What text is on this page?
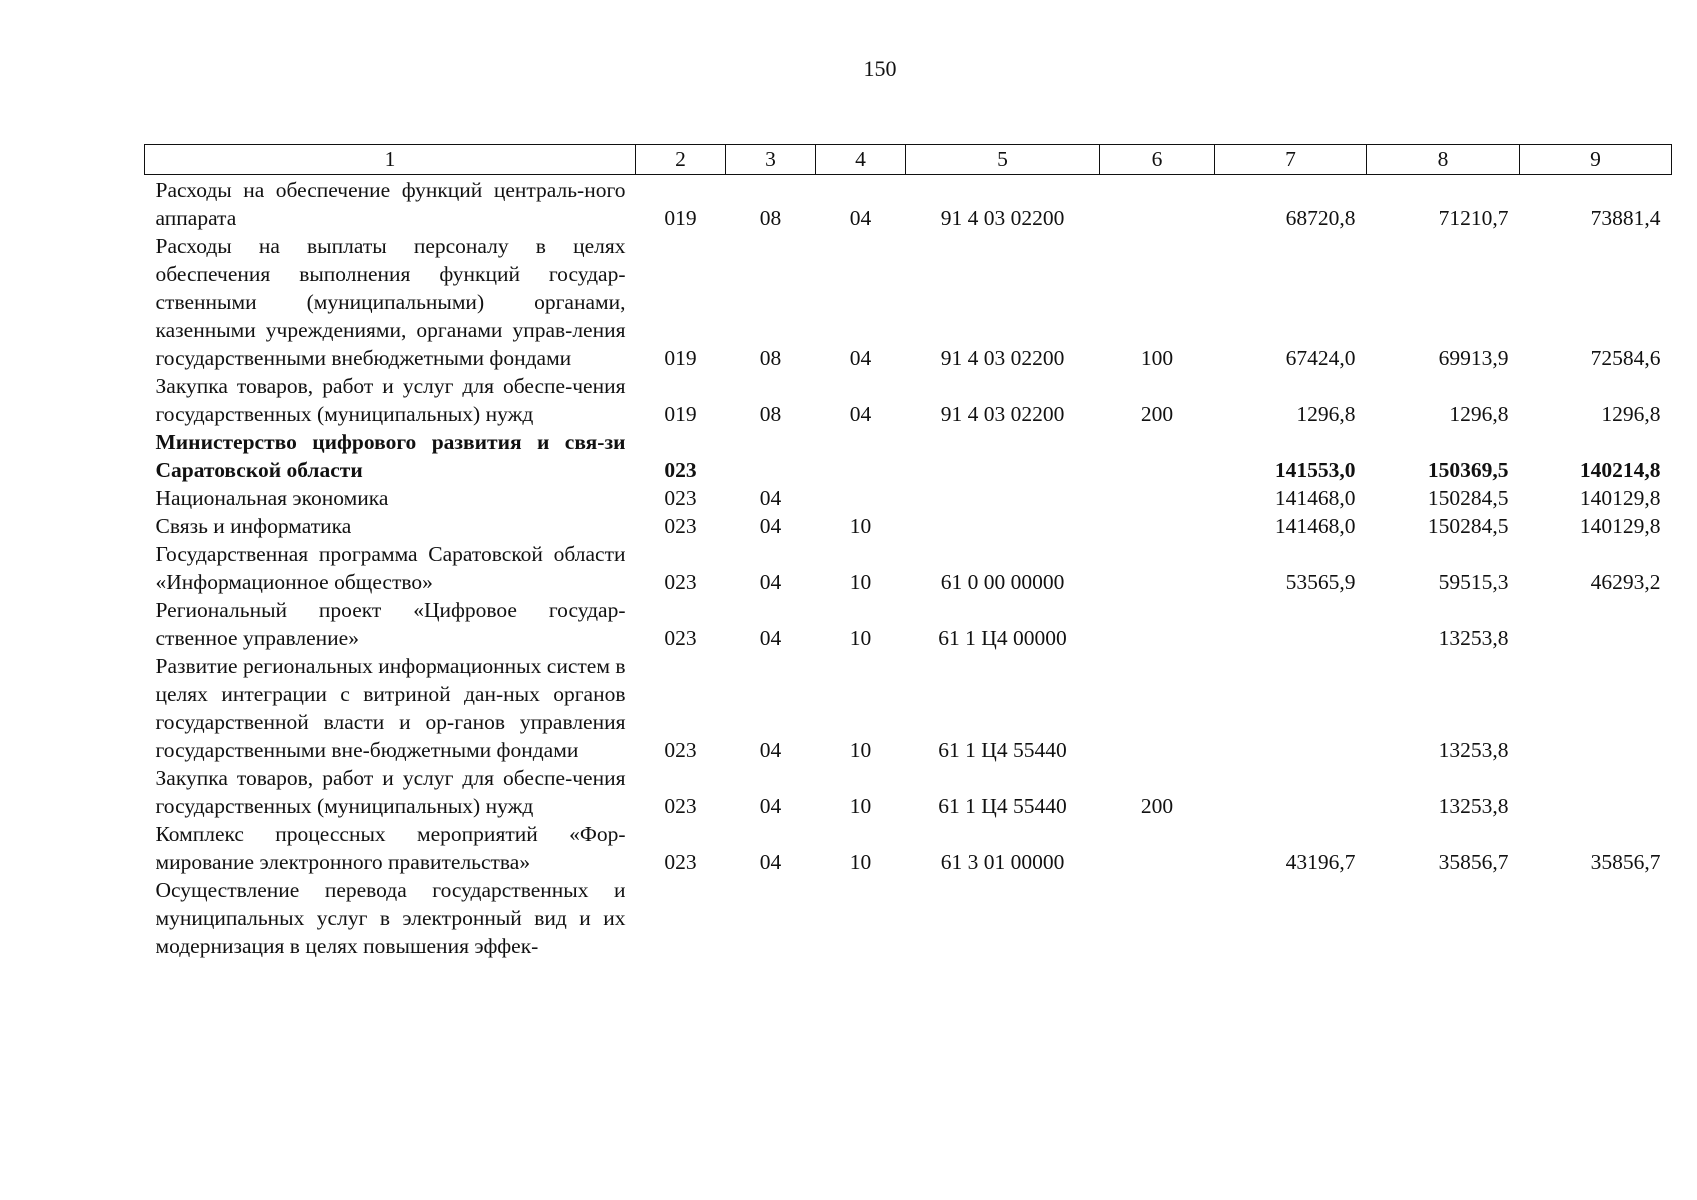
150
1	2	3	4	5	6	7	8	9
Расходы на обеспечение функций централь-ного аппарата	019	08	04	91 4 03 02200		68720,8	71210,7	73881,4
Расходы на выплаты персоналу в целях обеспечения выполнения функций государ-ственными (муниципальными) органами, казенными учреждениями, органами управ-ления государственными внебюджетными фондами	019	08	04	91 4 03 02200	100	67424,0	69913,9	72584,6
Закупка товаров, работ и услуг для обеспе-чения государственных (муниципальных) нужд	019	08	04	91 4 03 02200	200	1296,8	1296,8	1296,8
Министерство цифрового развития и свя-зи Саратовской области	023					141553,0	150369,5	140214,8
Национальная экономика	023	04				141468,0	150284,5	140129,8
Связь и информатика	023	04	10			141468,0	150284,5	140129,8
Государственная программа Саратовской области «Информационное общество»	023	04	10	61 0 00 00000		53565,9	59515,3	46293,2
Региональный проект «Цифровое государ-ственное управление»	023	04	10	61 1 Ц4 00000			13253,8	
Развитие региональных информационных систем в целях интеграции с витриной дан-ных органов государственной власти и ор-ганов управления государственными вне-бюджетными фондами	023	04	10	61 1 Ц4 55440			13253,8	
Закупка товаров, работ и услуг для обеспе-чения государственных (муниципальных) нужд	023	04	10	61 1 Ц4 55440	200		13253,8	
Комплекс процессных мероприятий «Фор-мирование электронного правительства»	023	04	10	61 3 01 00000		43196,7	35856,7	35856,7
Осуществление перевода государственных и муниципальных услуг в электронный вид и их модернизация в целях повышения эффек-								
